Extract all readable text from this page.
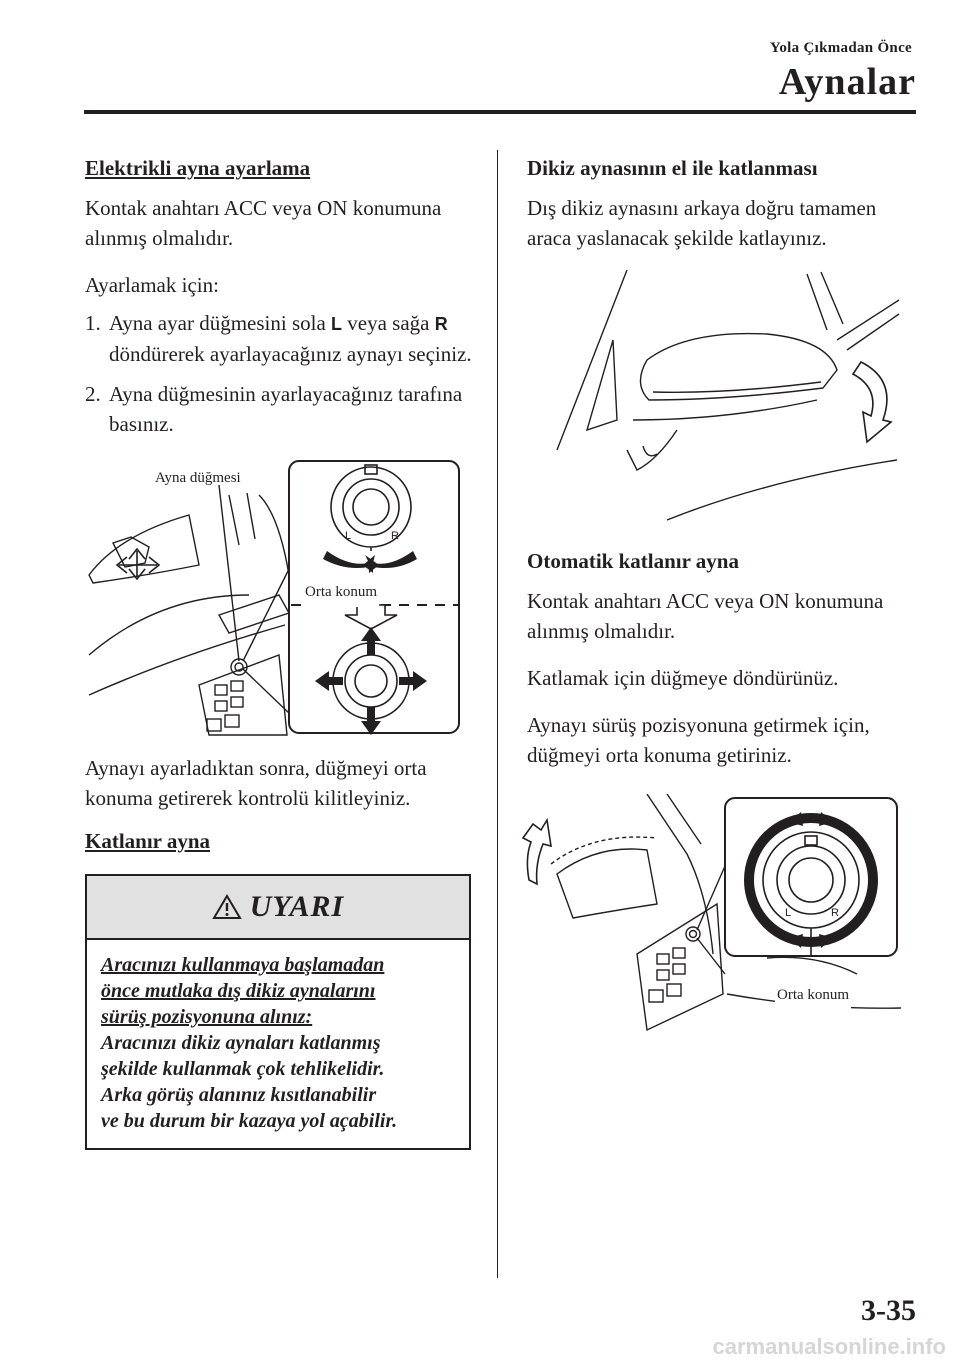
Yola Çıkmadan Önce
Aynalar
Elektrikli ayna ayarlama

Kontak anahtarı ACC veya ON konumuna alınmış olmalıdır.

Ayarlamak için:

1. Ayna ayar düğmesini sola L veya sağa R döndürerek ayarlayacağınız aynayı seçiniz.
2. Ayna düğmesinin ayarlayacağınız tarafına basınız.
L	R
Ayna düğmesi
Orta konum

Aynayı ayarladıktan sonra, düğmeyi orta konuma getirerek kontrolü kilitleyiniz.

Katlanır ayna
UYARI
Aracınızı kullanmaya başlamadan
önce mutlaka dış dikiz aynalarını
sürüş pozisyonuna alınız:
Aracınızı dikiz aynaları katlanmış
şekilde kullanmak çok tehlikelidir.
Arka görüş alanınız kısıtlanabilir
ve bu durum bir kazaya yol açabilir.
Dikiz aynasının el ile katlanması

Dış dikiz aynasını arkaya doğru tamamen araca yaslanacak şekilde katlayınız.

Otomatik katlanır ayna

Kontak anahtarı ACC veya ON konumuna alınmış olmalıdır.

Katlamak için düğmeye döndürünüz.

Aynayı sürüş pozisyonuna getirmek için, düğmeyi orta konuma getiriniz.

L	R
Orta konum
3-35
carmanualsonline.info
